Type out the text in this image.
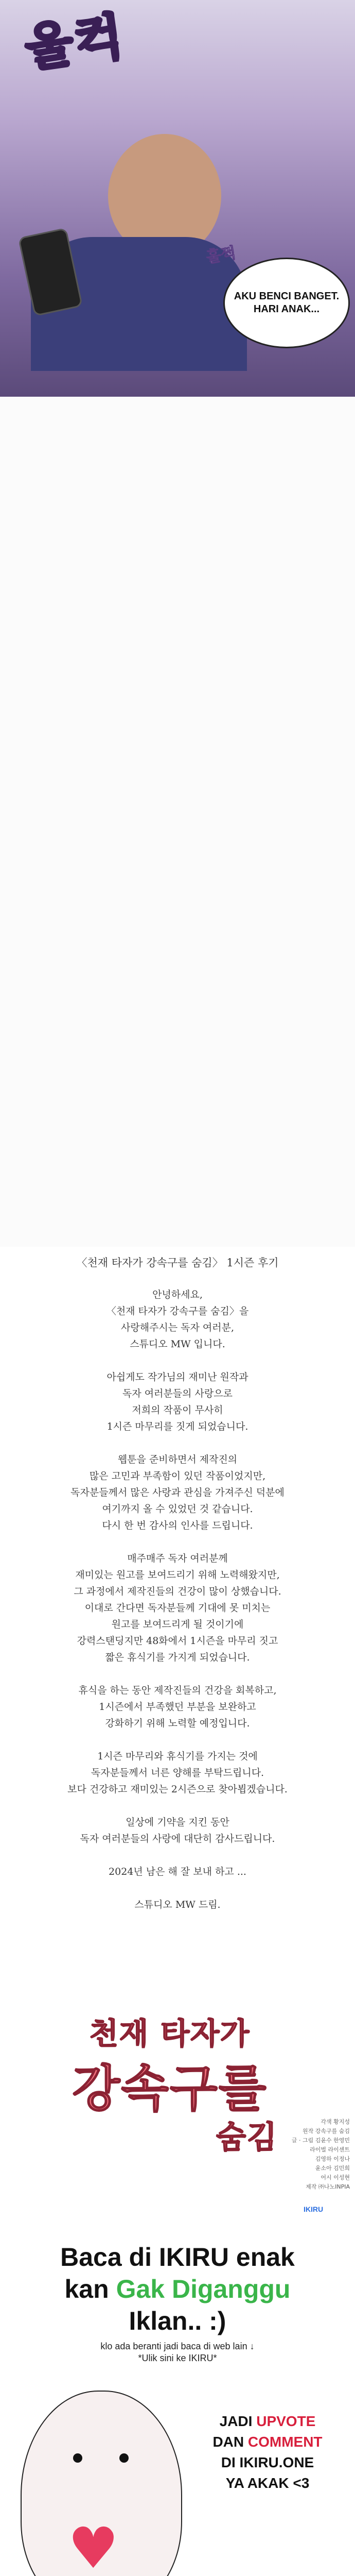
울컥
훌쩍
AKU BENCI BANGET.
HARI ANAK...
〈천재 타자가 강속구를 숨김〉 1시즌 후기
안녕하세요,
〈천재 타자가 강속구를 숨김〉을
사랑해주시는 독자 여러분,
스튜디오 MW 입니다.
아쉽게도 작가님의 재미난 원작과
독자 여러분들의 사랑으로
저희의 작품이 무사히
1시즌 마무리를 짓게 되었습니다.
웹툰을 준비하면서 제작진의
많은 고민과 부족함이 있던 작품이었지만,
독자분들께서 많은 사랑과 관심을 가져주신 덕분에
여기까지 올 수 있었던 것 같습니다.
다시 한 번 감사의 인사를 드립니다.
매주매주 독자 여러분께
재미있는 원고를 보여드리기 위해 노력해왔지만,
그 과정에서 제작진들의 건강이 많이 상했습니다.
이대로 간다면 독자분들께 기대에 못 미치는
원고를 보여드리게 될 것이기에
강력스탠딩지만 48화에서 1시즌을 마무리 짓고
짧은 휴식기를 가지게 되었습니다.
휴식을 하는 동안 제작진들의 건강을 회복하고,
1시즌에서 부족했던 부분을 보완하고
강화하기 위해 노력할 예정입니다.
1시즌 마무리와 휴식기를 가지는 것에
독자분들께서 너른 양해를 부탁드립니다.
보다 건강하고 재미있는 2시즌으로 찾아뵙겠습니다.
일상에 기약을 지킨 동안
독자 여러분들의 사랑에 대단히 감사드립니다.
2024년 남은 해 잘 보내 하고 ...
스튜디오 MW 드림.
천재 타자가
강속구를
숨김	각색 황지성
원작 강속구를 숨김
글 · 그림 김윤수 한영민
라이벌 라이센트
김영하 이정나
윤소아 김민희
어시 이성현
제작 ㈜나노INPIA
IKIRU
Baca di IKIRU enak
kan Gak Diganggu
Iklan.. :)
klo ada beranti jadi baca di web lain ↓
*Ulik sini ke IKIRU*
♥
JADI UPVOTE
DAN COMMENT
DI IKIRU.ONE
YA AKAK <3
